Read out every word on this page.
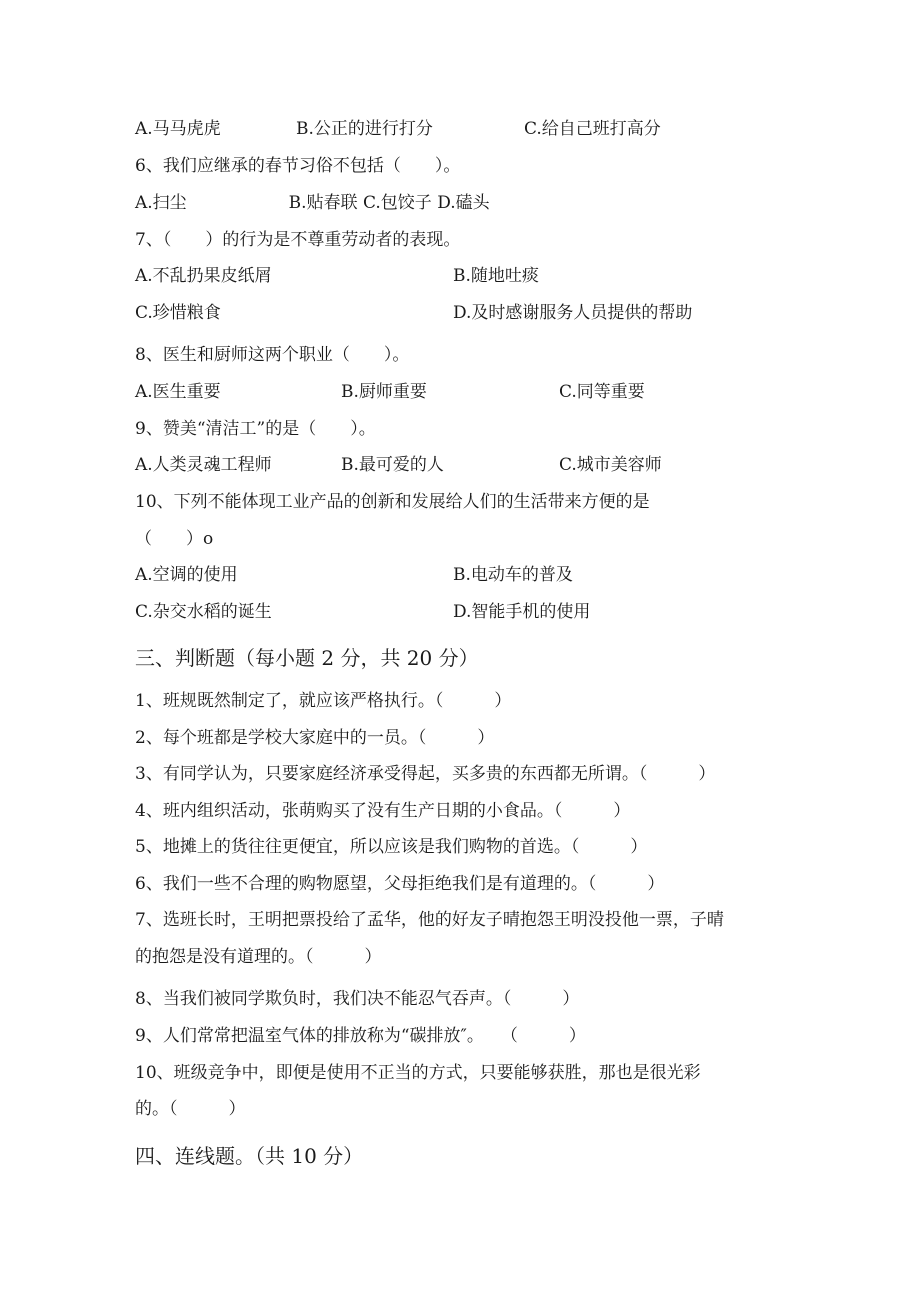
A.马马虎虎	B.公正的进行打分	C.给自己班打高分
6、我们应继承的春节习俗不包括（　　）。
A.扫尘　　　　　　B.贴春联 C.包饺子 D.磕头
7、（　　）的行为是不尊重劳动者的表现。
A.不乱扔果皮纸屑	B.随地吐痰
C.珍惜粮食	D.及时感谢服务人员提供的帮助
8、医生和厨师这两个职业（　　）。
A.医生重要	B.厨师重要	C.同等重要
9、赞美“清洁工”的是（　　）。
A.人类灵魂工程师	B.最可爱的人	C.城市美容师
10、下列不能体现工业产品的创新和发展给人们的生活带来方便的是
（　　）o
A.空调的使用	B.电动车的普及
C.杂交水稻的诞生	D.智能手机的使用
三、判断题（每小题 2 分，共 20 分）
1、班规既然制定了，就应该严格执行。（　　　）
2、每个班都是学校大家庭中的一员。（　　　）
3、有同学认为，只要家庭经济承受得起，买多贵的东西都无所谓。（　　　）
4、班内组织活动，张萌购买了没有生产日期的小食品。（　　　）
5、地摊上的货往往更便宜，所以应该是我们购物的首选。（　　　）
6、我们一些不合理的购物愿望，父母拒绝我们是有道理的。（　　　）
7、选班长时，王明把票投给了孟华，他的好友子晴抱怨王明没投他一票，子晴
的抱怨是没有道理的。（　　　）
8、当我们被同学欺负时，我们决不能忍气吞声。（　　　）
9、人们常常把温室气体的排放称为“碳排放″。　　（　　　）
10、班级竞争中，即便是使用不正当的方式，只要能够获胜，那也是很光彩
的。（　　　）
四、连线题。（共 10 分）
